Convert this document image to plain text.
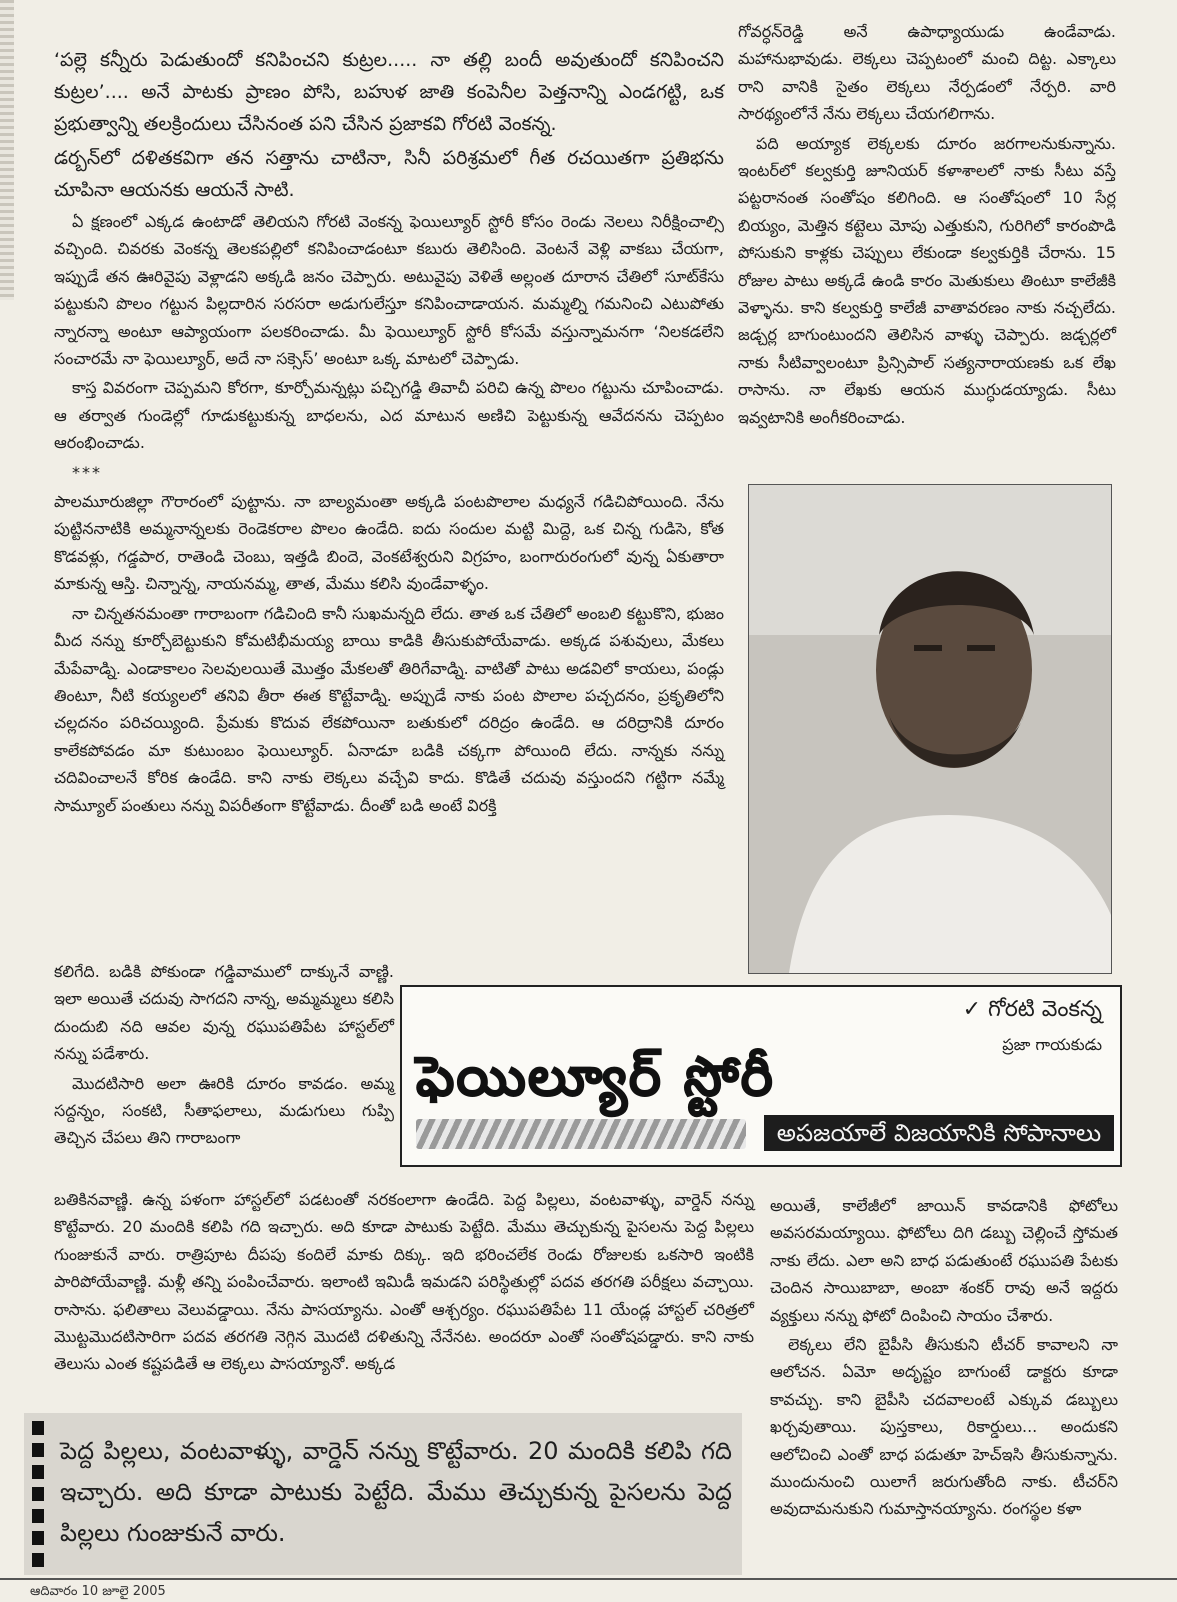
‘పల్లె కన్నీరు పెడుతుందో కనిపించని కుట్రల..... నా తల్లి బందీ అవుతుందో కనిపించని కుట్రల’.... అనే పాటకు ప్రాణం పోసి, బహుళ జాతి కంపెనీల పెత్తనాన్ని ఎండగట్టి, ఒక ప్రభుత్వాన్ని తలక్రిందులు చేసినంత పని చేసిన ప్రజాకవి గోరటి వెంకన్న.

డర్బన్‌లో దళితకవిగా తన సత్తాను చాటినా, సినీ పరిశ్రమలో గీత రచయితగా ప్రతిభను చూపినా ఆయనకు ఆయనే సాటి.

ఏ క్షణంలో ఎక్కడ ఉంటాడో తెలియని గోరటి వెంకన్న ఫెయిల్యూర్ స్టోరీ కోసం రెండు నెలలు నిరీక్షించాల్సి వచ్చింది. చివరకు వెంకన్న తెలకపల్లిలో కనిపించాడంటూ కబురు తెలిసింది. వెంటనే వెళ్లి వాకబు చేయగా, ఇప్పుడే తన ఊరివైపు వెళ్లాడని అక్కడి జనం చెప్పారు. అటువైపు వెళితే అల్లంత దూరాన చేతిలో సూట్‌కేసు పట్టుకుని పొలం గట్టున పిల్లదారిన సరసరా అడుగులేస్తూ కనిపించాడాయన. మమ్మల్ని గమనించి ఎటుపోతు న్నారన్నా అంటూ ఆప్యాయంగా పలకరించాడు. మీ ఫెయిల్యూర్ స్టోరీ కోసమే వస్తున్నామనగా ‘నిలకడలేని సంచారమే నా ఫెయిల్యూర్, అదే నా సక్సెస్’ అంటూ ఒక్క మాటలో చెప్పాడు.

కాస్త వివరంగా చెప్పమని కోరగా, కూర్చోమన్నట్లు పచ్చిగడ్డి తివాచీ పరిచి ఉన్న పొలం గట్టును చూపించాడు. ఆ తర్వాత గుండెల్లో గూడుకట్టుకున్న బాధలను, ఎద మాటున అణిచి పెట్టుకున్న ఆవేదనను చెప్పటం ఆరంభించాడు.

***

పాలమూరుజిల్లా గౌరారంలో పుట్టాను. నా బాల్యమంతా అక్కడి పంటపొలాల మధ్యనే గడిచిపోయింది. నేను పుట్టిననాటికి అమ్మనాన్నలకు రెండెకరాల పొలం ఉండేది. ఐదు సందుల మట్టి మిద్దె, ఒక చిన్న గుడిసె, కోత కొడవళ్లు, గడ్డపార, రాతెండి చెంబు, ఇత్తడి బిందె, వెంకటేశ్వరుని విగ్రహం, బంగారురంగులో వున్న ఏకుతారా మాకున్న ఆస్తి. చిన్నాన్న, నాయనమ్మ, తాత, మేము కలిసి వుండేవాళ్ళం.

నా చిన్నతనమంతా గారాబంగా గడిచింది కానీ సుఖమన్నది లేదు. తాత ఒక చేతిలో అంబలి కట్టుకొని, భుజం మీద నన్ను కూర్చోబెట్టుకుని కోమటిభీమయ్య బాయి కాడికి తీసుకుపోయేవాడు. అక్కడ పశువులు, మేకలు మేపేవాడ్ని. ఎండాకాలం సెలవులయితే మొత్తం మేకలతో తిరిగేవాడ్ని. వాటితో పాటు అడవిలో కాయలు, పండ్లు తింటూ, నీటి కయ్యలలో తనివి తీరా ఈత కొట్టేవాడ్ని. అప్పుడే నాకు పంట పొలాల పచ్చదనం, ప్రకృతిలోని చల్లదనం పరిచయ్యింది. ప్రేమకు కొదువ లేకపోయినా బతుకులో దరిద్రం ఉండేది. ఆ దరిద్రానికి దూరం కాలేకపోవడం మా కుటుంబం ఫెయిల్యూర్. ఏనాడూ బడికి చక్కగా పోయింది లేదు. నాన్నకు నన్ను చదివించాలనే కోరిక ఉండేది. కాని నాకు లెక్కలు వచ్చేవి కాదు. కొడితే చదువు వస్తుందని గట్టిగా నమ్మే సామ్యూల్ పంతులు నన్ను విపరీతంగా కొట్టేవాడు. దీంతో బడి అంటే విరక్తి

కలిగేది. బడికి పోకుండా గడ్డివాములో దాక్కునే వాణ్ణి. ఇలా అయితే చదువు సాగదని నాన్న, అమ్మమ్మలు కలిసి దుందుబి నది ఆవల వున్న రఘుపతిపేట హాస్టల్‌లో నన్ను పడేశారు.

మొదటిసారి అలా ఊరికి దూరం కావడం. అమ్మ సద్దన్నం, సంకటి, సీతాఫలాలు, మడుగులు గుప్పి తెచ్చిన చేపలు తిని గారాబంగా

బతికినవాణ్ణి. ఉన్న పళంగా హాస్టల్‌లో పడటంతో నరకంలాగా ఉండేది. పెద్ద పిల్లలు, వంటవాళ్ళు, వార్డెన్ నన్ను కొట్టేవారు. 20 మందికి కలిపి గది ఇచ్చారు. అది కూడా పాటుకు పెట్టేది. మేము తెచ్చుకున్న పైసలను పెద్ద పిల్లలు గుంజుకునే వారు. రాత్రిపూట దీపపు కందిలే మాకు దిక్కు. ఇది భరించలేక రెండు రోజులకు ఒకసారి ఇంటికి పారిపోయేవాణ్ణి. మళ్లీ తన్ని పంపించేవారు. ఇలాంటి ఇమిడీ ఇమడని పరిస్థితుల్లో పదవ తరగతి పరీక్షలు వచ్చాయి. రాసాను. ఫలితాలు వెలువడ్డాయి. నేను పాసయ్యాను. ఎంతో ఆశ్చర్యం. రఘుపతిపేట 11 యేండ్ల హాస్టల్ చరిత్రలో మొట్టమొదటిసారిగా పదవ తరగతి నెగ్గిన మొదటి దళితున్ని నేనేనట. అందరూ ఎంతో సంతోషపడ్డారు. కాని నాకు తెలుసు ఎంత కష్టపడితే ఆ లెక్కలు పాసయ్యానో. అక్కడ

గోవర్ధన్‌రెడ్డి అనే ఉపాధ్యాయుడు ఉండేవాడు. మహానుభావుడు. లెక్కలు చెప్పటంలో మంచి దిట్ట. ఎక్కాలు రాని వానికి సైతం లెక్కలు నేర్పడంలో నేర్పరి. వారి సారథ్యంలోనే నేను లెక్కలు చేయగలిగాను.

పది అయ్యాక లెక్కలకు దూరం జరగాలనుకున్నాను. ఇంటర్‌లో కల్వకుర్తి జూనియర్ కళాశాలలో నాకు సీటు వస్తే పట్టరానంత సంతోషం కలిగింది. ఆ సంతోషంలో 10 సేర్ల బియ్యం, మెత్తిన కట్టెలు మోపు ఎత్తుకుని, గురిగిలో కారంపొడి పోసుకుని కాళ్లకు చెప్పులు లేకుండా కల్వకుర్తికి చేరాను. 15 రోజుల పాటు అక్కడే ఉండి కారం మెతుకులు తింటూ కాలేజీకి వెళ్ళాను. కాని కల్వకుర్తి కాలేజీ వాతావరణం నాకు నచ్చలేదు. జడ్చర్ల బాగుంటుందని తెలిసిన వాళ్ళు చెప్పారు. జడ్చర్లలో నాకు సీటివ్వాలంటూ ప్రిన్సిపాల్ సత్యనారాయణకు ఒక లేఖ రాసాను. నా లేఖకు ఆయన ముగ్ధుడయ్యాడు. సీటు ఇవ్వటానికి అంగీకరించాడు.

✓ గోరటి వెంకన్న
ప్రజా గాయకుడు
ఫెయిల్యూర్ స్టోరీ
అపజయాలే విజయానికి సోపానాలు

అయితే, కాలేజీలో జాయిన్ కావడానికి ఫోటోలు అవసరమయ్యాయి. ఫోటోలు దిగి డబ్బు చెల్లించే స్తోమత నాకు లేదు. ఎలా అని బాధ పడుతుంటే రఘుపతి పేటకు చెందిన సాయిబాబా, అంబా శంకర్ రావు అనే ఇద్దరు వ్యక్తులు నన్ను ఫోటో దింపించి సాయం చేశారు.

లెక్కలు లేని బైపీసి తీసుకుని టీచర్ కావాలని నా ఆలోచన. ఏమో అదృష్టం బాగుంటే డాక్టరు కూడా కావచ్చు. కాని బైపీసి చదవాలంటే ఎక్కువ డబ్బులు ఖర్చవుతాయి. పుస్తకాలు, రికార్డులు... అందుకని ఆలోచించి ఎంతో బాధ పడుతూ హెచ్ఇసి తీసుకున్నాను. ముందునుంచి యిలాగే జరుగుతోంది నాకు. టీచర్‌ని అవుదామనుకుని గుమాస్తానయ్యాను. రంగస్థల కళా

పెద్ద పిల్లలు, వంటవాళ్ళు, వార్డెన్ నన్ను కొట్టేవారు. 20 మందికి కలిపి గది ఇచ్చారు. అది కూడా పాటుకు పెట్టేది. మేము తెచ్చుకున్న పైసలను పెద్ద పిల్లలు గుంజుకునే వారు.
ఆదివారం 10 జూలై 2005
